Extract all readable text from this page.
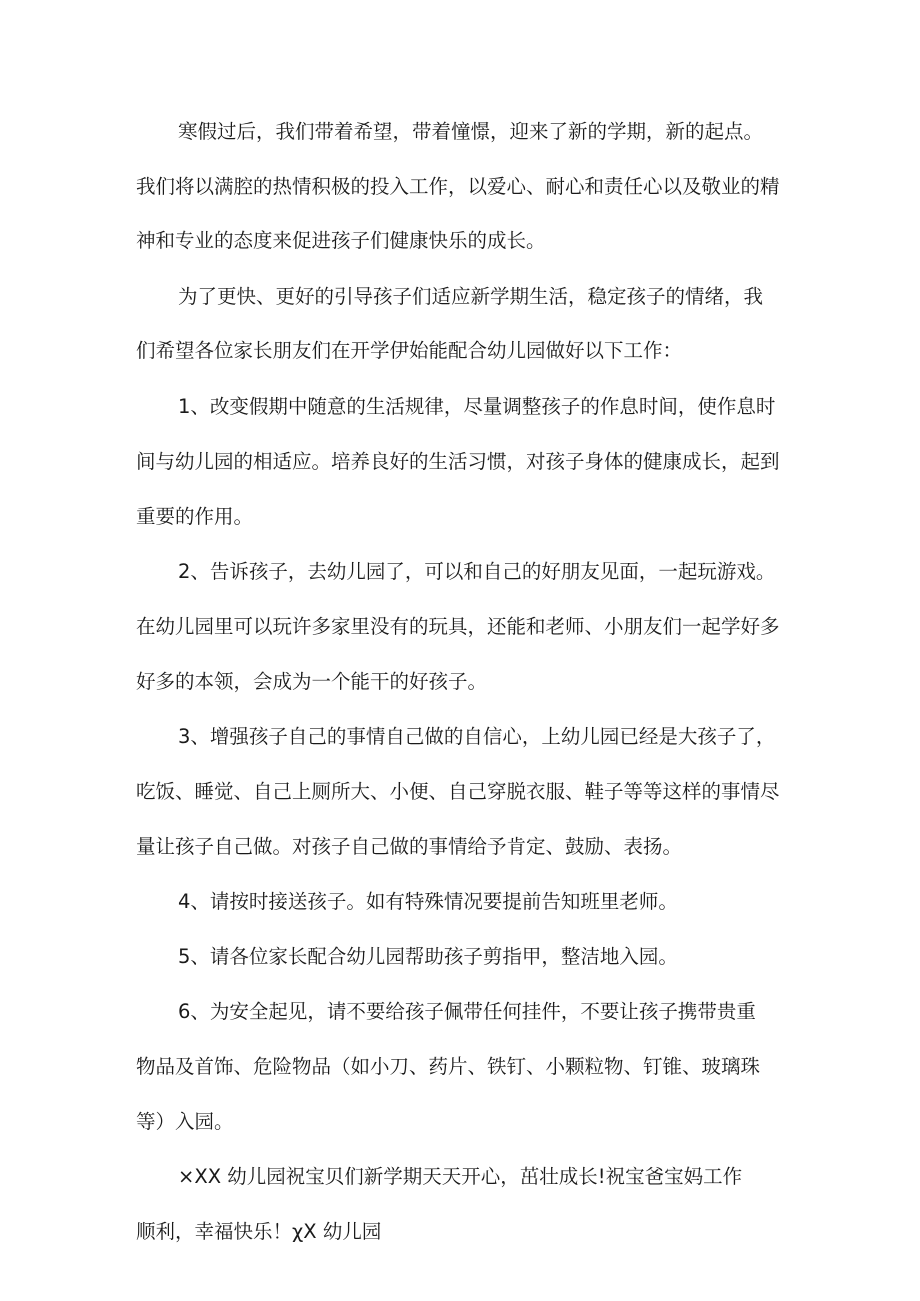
寒假过后，我们带着希望，带着憧憬，迎来了新的学期，新的起点。
我们将以满腔的热情积极的投入工作，以爱心、耐心和责任心以及敬业的精
神和专业的态度来促进孩子们健康快乐的成长。
为了更快、更好的引导孩子们适应新学期生活，稳定孩子的情绪，我
们希望各位家长朋友们在开学伊始能配合幼儿园做好以下工作：
1、改变假期中随意的生活规律，尽量调整孩子的作息时间，使作息时
间与幼儿园的相适应。培养良好的生活习惯，对孩子身体的健康成长，起到
重要的作用。
2、告诉孩子，去幼儿园了，可以和自己的好朋友见面，一起玩游戏。
在幼儿园里可以玩许多家里没有的玩具，还能和老师、小朋友们一起学好多
好多的本领，会成为一个能干的好孩子。
3、增强孩子自己的事情自己做的自信心，上幼儿园已经是大孩子了，
吃饭、睡觉、自己上厕所大、小便、自己穿脱衣服、鞋子等等这样的事情尽
量让孩子自己做。对孩子自己做的事情给予肯定、鼓励、表扬。
4、请按时接送孩子。如有特殊情况要提前告知班里老师。
5、请各位家长配合幼儿园帮助孩子剪指甲，整洁地入园。
6、为安全起见，请不要给孩子佩带任何挂件，不要让孩子携带贵重
物品及首饰、危险物品（如小刀、药片、铁钉、小颗粒物、钉锥、玻璃珠
等）入园。
×ⅩX 幼儿园祝宝贝们新学期天天开心，茁壮成长!祝宝爸宝妈工作
顺利，幸福快乐！χX 幼儿园
